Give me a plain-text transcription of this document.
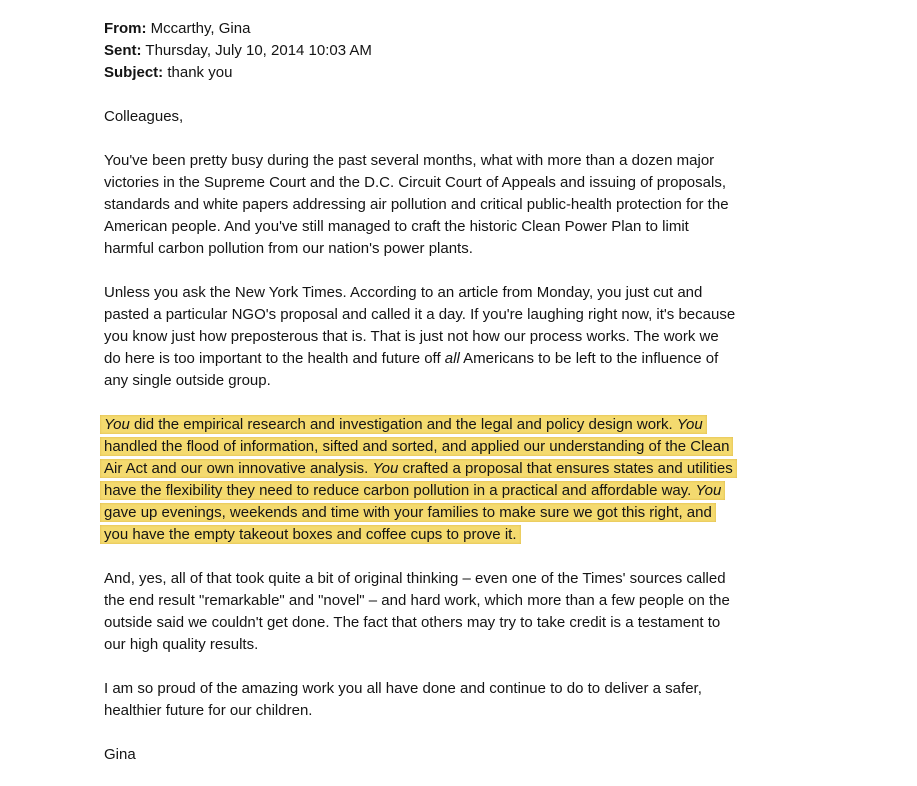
From: Mccarthy, Gina
Sent: Thursday, July 10, 2014 10:03 AM
Subject: thank you

Colleagues,

You've been pretty busy during the past several months, what with more than a dozen major
victories in the Supreme Court and the D.C. Circuit Court of Appeals and issuing of proposals,
standards and white papers addressing air pollution and critical public-health protection for the
American people. And you've still managed to craft the historic Clean Power Plan to limit
harmful carbon pollution from our nation's power plants.

Unless you ask the New York Times. According to an article from Monday, you just cut and
pasted a particular NGO's proposal and called it a day. If you're laughing right now, it's because
you know just how preposterous that is. That is just not how our process works. The work we
do here is too important to the health and future off all Americans to be left to the influence of
any single outside group.

You did the empirical research and investigation and the legal and policy design work. You
handled the flood of information, sifted and sorted, and applied our understanding of the Clean
Air Act and our own innovative analysis. You crafted a proposal that ensures states and utilities
have the flexibility they need to reduce carbon pollution in a practical and affordable way. You
gave up evenings, weekends and time with your families to make sure we got this right, and
you have the empty takeout boxes and coffee cups to prove it.

And, yes, all of that took quite a bit of original thinking – even one of the Times' sources called
the end result "remarkable" and "novel" – and hard work, which more than a few people on the
outside said we couldn't get done. The fact that others may try to take credit is a testament to
our high quality results.

I am so proud of the amazing work you all have done and continue to do to deliver a safer,
healthier future for our children.

Gina
